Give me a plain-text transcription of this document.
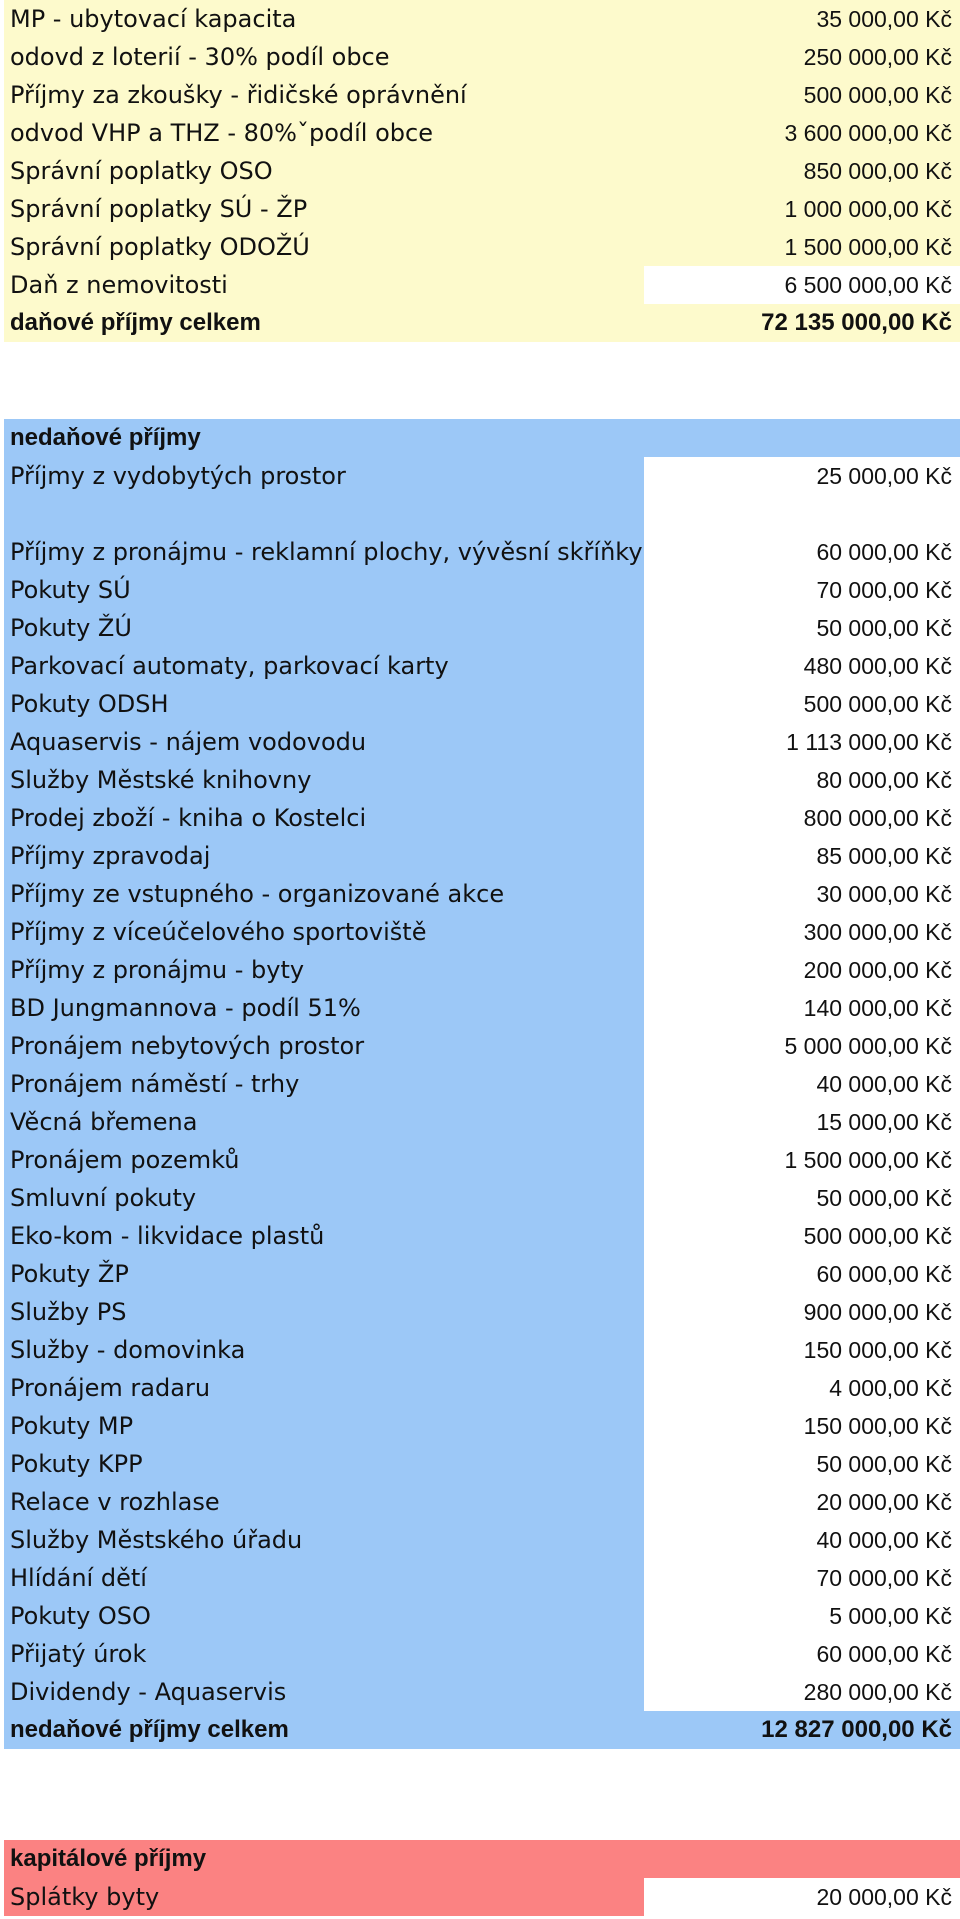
MP - ubytovací kapacita	35 000,00 Kč
odovd z loterií - 30% podíl obce	250 000,00 Kč
Příjmy za zkoušky - řidičské oprávnění	500 000,00 Kč
odvod VHP a THZ - 80%ˇpodíl obce	3 600 000,00 Kč
Správní poplatky OSO	850 000,00 Kč
Správní poplatky SÚ - ŽP	1 000 000,00 Kč
Správní poplatky ODOŽÚ	1 500 000,00 Kč
Daň z nemovitosti	6 500 000,00 Kč
daňové příjmy celkem	72 135 000,00 Kč
nedaňové příjmy
Příjmy z vydobytých prostor	25 000,00 Kč
Příjmy z pronájmu - reklamní plochy, vývěsní skříňky	60 000,00 Kč
Pokuty SÚ	70 000,00 Kč
Pokuty ŽÚ	50 000,00 Kč
Parkovací automaty, parkovací karty	480 000,00 Kč
Pokuty ODSH	500 000,00 Kč
Aquaservis - nájem vodovodu	1 113 000,00 Kč
Služby Městské knihovny	80 000,00 Kč
Prodej zboží - kniha o Kostelci	800 000,00 Kč
Příjmy zpravodaj	85 000,00 Kč
Příjmy ze vstupného - organizované akce	30 000,00 Kč
Příjmy z víceúčelového sportoviště	300 000,00 Kč
Příjmy z pronájmu - byty	200 000,00 Kč
BD Jungmannova - podíl 51%	140 000,00 Kč
Pronájem nebytových prostor	5 000 000,00 Kč
Pronájem náměstí - trhy	40 000,00 Kč
Věcná břemena	15 000,00 Kč
Pronájem pozemků	1 500 000,00 Kč
Smluvní pokuty	50 000,00 Kč
Eko-kom - likvidace plastů	500 000,00 Kč
Pokuty ŽP	60 000,00 Kč
Služby PS	900 000,00 Kč
Služby - domovinka	150 000,00 Kč
Pronájem radaru	4 000,00 Kč
Pokuty MP	150 000,00 Kč
Pokuty KPP	50 000,00 Kč
Relace v rozhlase	20 000,00 Kč
Služby Městského úřadu	40 000,00 Kč
Hlídání dětí	70 000,00 Kč
Pokuty OSO	5 000,00 Kč
Přijatý úrok	60 000,00 Kč
Dividendy - Aquaservis	280 000,00 Kč
nedaňové příjmy celkem	12 827 000,00 Kč
kapitálové příjmy
Splátky byty	20 000,00 Kč
